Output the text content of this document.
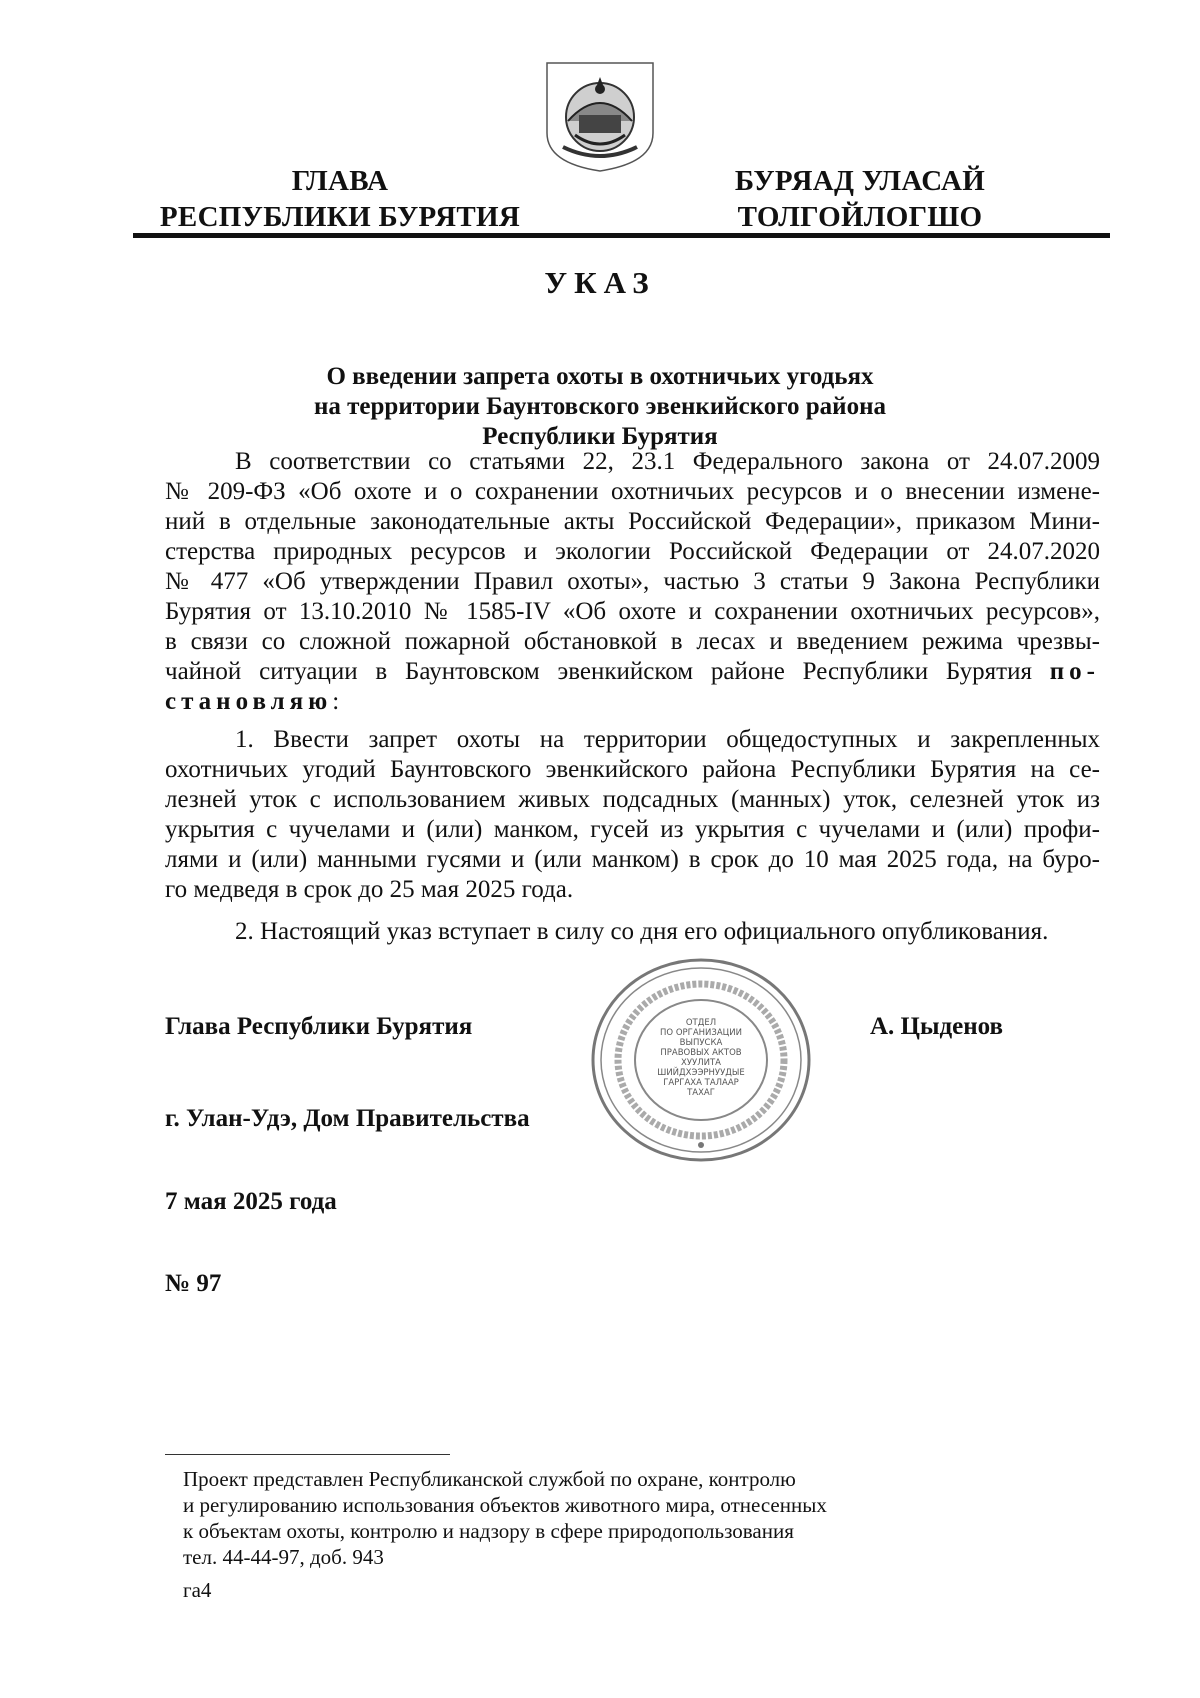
ГЛАВА
РЕСПУБЛИКИ БУРЯТИЯ
БУРЯАД УЛАСАЙ
ТОЛГОЙЛОГШО
УКАЗ
О введении запрета охоты в охотничьих угодьях
на территории Баунтовского эвенкийского района
Республики Бурятия
В соответствии со статьями 22, 23.1 Федерального закона от 24.07.2009
№ 209-ФЗ «Об охоте и о сохранении охотничьих ресурсов и о внесении измене-
ний в отдельные законодательные акты Российской Федерации», приказом Мини-
стерства природных ресурсов и экологии Российской Федерации от 24.07.2020
№ 477 «Об утверждении Правил охоты», частью 3 статьи 9 Закона Республики
Бурятия от 13.10.2010 № 1585-IV «Об охоте и сохранении охотничьих ресурсов»,
в связи со сложной пожарной обстановкой в лесах и введением режима чрезвы-
чайной ситуации в Баунтовском эвенкийском районе Республики Бурятия по-
становляю:
1. Ввести запрет охоты на территории общедоступных и закрепленных
охотничьих угодий Баунтовского эвенкийского района Республики Бурятия на се-
лезней уток с использованием живых подсадных (манных) уток, селезней уток из
укрытия с чучелами и (или) манком, гусей из укрытия с чучелами и (или) профи-
лями и (или) манными гусями и (или манком) в срок до 10 мая 2025 года, на буро-
го медведя в срок до 25 мая 2025 года.
2. Настоящий указ вступает в силу со дня его официального опубликования.
ОТДЕЛ
ПО ОРГАНИЗАЦИИ
ВЫПУСКА
ПРАВОВЫХ АКТОВ
ХУУЛИТА
ШИЙДХЭЭРНУУДЫЕ
ГАРГАХА ТАЛААР
ТАХАГ
Глава Республики Бурятия	А. Цыденов
г. Улан-Удэ, Дом Правительства
7 мая 2025 года
№ 97
Проект представлен Республиканской службой по охране, контролю
и регулированию использования объектов животного мира, отнесенных
к объектам охоты, контролю и надзору в сфере природопользования
тел. 44-44-97, доб. 943
га4
